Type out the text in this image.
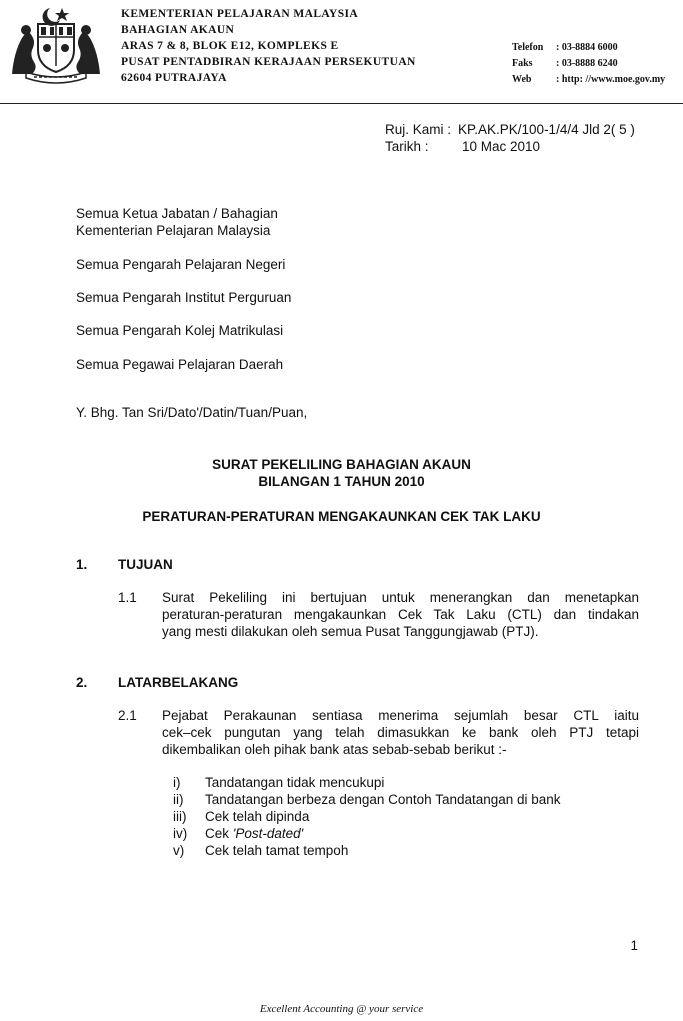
KEMENTERIAN PELAJARAN MALAYSIA
BAHAGIAN AKAUN
ARAS 7 & 8, BLOK E12, KOMPLEKS E
PUSAT PENTADBIRAN KERAJAAN PERSEKUTUAN
62604 PUTRAJAYA
Telefon : 03-8884 6000
Faks : 03-8888 6240
Web : http: //www.moe.gov.my
Ruj. Kami : KP.AK.PK/100-1/4/4 Jld 2( 5 )
Tarikh : 10 Mac 2010
Semua Ketua Jabatan / Bahagian
Kementerian Pelajaran Malaysia
Semua Pengarah Pelajaran Negeri
Semua Pengarah Institut Perguruan
Semua Pengarah Kolej Matrikulasi
Semua Pegawai Pelajaran Daerah
Y. Bhg. Tan Sri/Dato'/Datin/Tuan/Puan,
SURAT PEKELILING BAHAGIAN AKAUN
BILANGAN 1 TAHUN 2010
PERATURAN-PERATURAN MENGAKAUNKAN CEK TAK LAKU
1. TUJUAN
1.1 Surat Pekeliling ini bertujuan untuk menerangkan dan menetapkan
peraturan-peraturan mengakaunkan Cek Tak Laku (CTL) dan tindakan
yang mesti dilakukan oleh semua Pusat Tanggungjawab (PTJ).
2. LATARBELAKANG
2.1 Pejabat Perakaunan sentiasa menerima sejumlah besar CTL iaitu
cek–cek pungutan yang telah dimasukkan ke bank oleh PTJ tetapi
dikembalikan oleh pihak bank atas sebab-sebab berikut :-
i) Tandatangan tidak mencukupi
ii) Tandatangan berbeza dengan Contoh Tandatangan di bank
iii) Cek telah dipinda
iv) Cek 'Post-dated'
v) Cek telah tamat tempoh
1
Excellent Accounting @ your service
